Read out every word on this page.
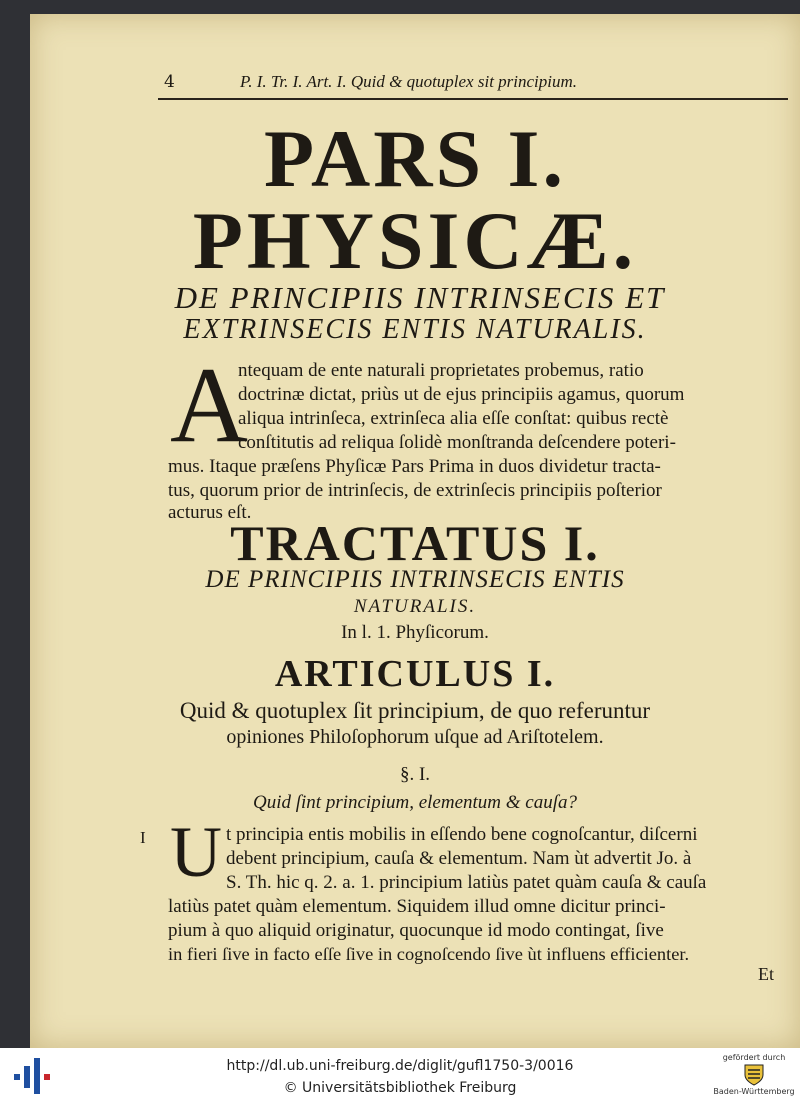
4	P. I. Tr. I. Art. I. Quid & quotuplex sit principium.
PARS I.
PHYSICÆ.
DE PRINCIPIIS INTRINSECIS ET
EXTRINSECIS ENTIS NATURALIS.
A
ntequam de ente naturali proprietates probemus, ratio
doctrinæ dictat, priùs ut de ejus principiis agamus, quorum
aliqua intrinſeca, extrinſeca alia eſſe conſtat: quibus rectè
conſtitutis ad reliqua ſolidè monſtranda deſcendere poteri-
mus. Itaque præſens Phyſicæ Pars Prima in duos dividetur tracta-
tus, quorum prior de intrinſecis, de extrinſecis principiis poſterior
acturus eſt.
TRACTATUS I.
DE PRINCIPIIS INTRINSECIS ENTIS
NATURALIS.
In l. 1. Phyſicorum.
ARTICULUS I.
Quid & quotuplex ſit principium, de quo referuntur
opiniones Philoſophorum uſque ad Ariſtotelem.
§. I.
Quid ſint principium, elementum & cauſa?
I U t principia entis mobilis in eſſendo bene cognoſcantur, diſcerni
debent principium, cauſa & elementum. Nam ùt advertit Jo. à
S. Th. hic q. 2. a. 1. principium latiùs patet quàm cauſa & cauſa
latiùs patet quàm elementum. Siquidem illud omne dicitur princi-
pium à quo aliquid originatur, quocunque id modo contingat, ſive
in fieri ſive in facto eſſe ſive in cognoſcendo ſive ùt influens efficienter.
Et
http://dl.ub.uni-freiburg.de/diglit/gufl1750-3/0016
© Universitätsbibliothek Freiburg
gefördert durch
Baden-Württemberg
